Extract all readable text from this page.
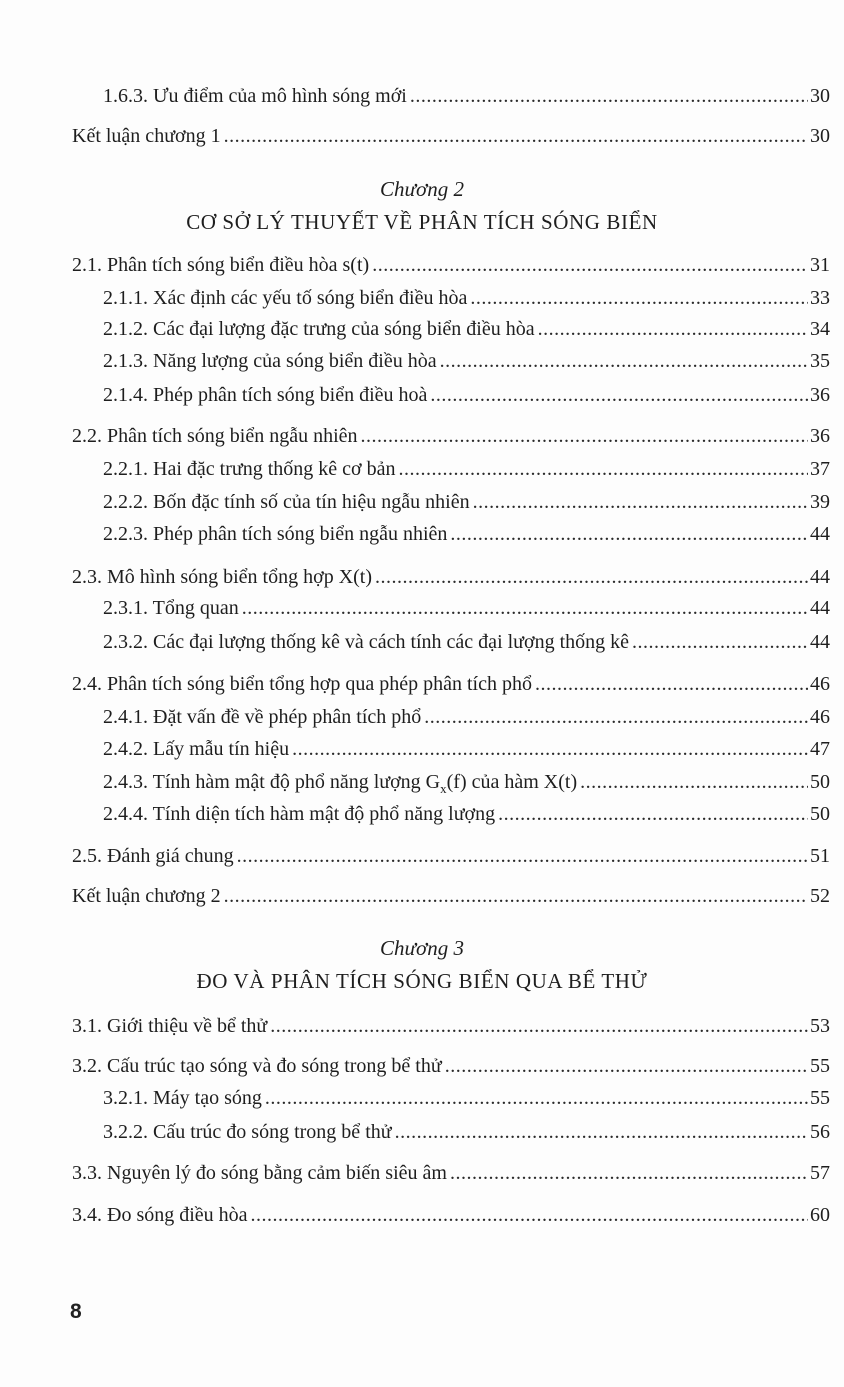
1.6.3. Ưu điểm của mô hình sóng mới .....	30
Kết luận chương 1 .....	30
Chương 2
CƠ SỞ LÝ THUYẾT VỀ PHÂN TÍCH SÓNG BIỂN
2.1. Phân tích sóng biển điều hòa s(t) .....	31
2.1.1. Xác định các yếu tố sóng biển điều hòa .....	33
2.1.2. Các đại lượng đặc trưng của sóng biển điều hòa .....	34
2.1.3. Năng lượng của sóng biển điều hòa .....	35
2.1.4. Phép phân tích sóng biển điều hoà .....	36
2.2. Phân tích sóng biển ngẫu nhiên .....	36
2.2.1. Hai đặc trưng thống kê cơ bản .....	37
2.2.2. Bốn đặc tính số của tín hiệu ngẫu nhiên .....	39
2.2.3. Phép phân tích sóng biển ngẫu nhiên .....	44
2.3. Mô hình sóng biển tổng hợp X(t) .....	44
2.3.1. Tổng quan .....	44
2.3.2. Các đại lượng thống kê và cách tính các đại lượng thống kê .....	44
2.4. Phân tích sóng biển tổng hợp qua phép phân tích phổ .....	46
2.4.1. Đặt vấn đề về phép phân tích phổ .....	46
2.4.2. Lấy mẫu tín hiệu .....	47
2.4.3. Tính hàm mật độ phổ năng lượng $G_x(f)$ của hàm X(t) .....	50
2.4.4. Tính diện tích hàm mật độ phổ năng lượng .....	50
2.5. Đánh giá chung .....	51
Kết luận chương 2 .....	52
Chương 3
ĐO VÀ PHÂN TÍCH SÓNG BIỂN QUA BỂ THỬ
3.1. Giới thiệu về bể thử .....	53
3.2. Cấu trúc tạo sóng và đo sóng trong bể thử .....	55
3.2.1. Máy tạo sóng .....	55
3.2.2. Cấu trúc đo sóng trong bể thử .....	56
3.3. Nguyên lý đo sóng bằng cảm biến siêu âm .....	57
3.4. Đo sóng điều hòa .....	60
8
